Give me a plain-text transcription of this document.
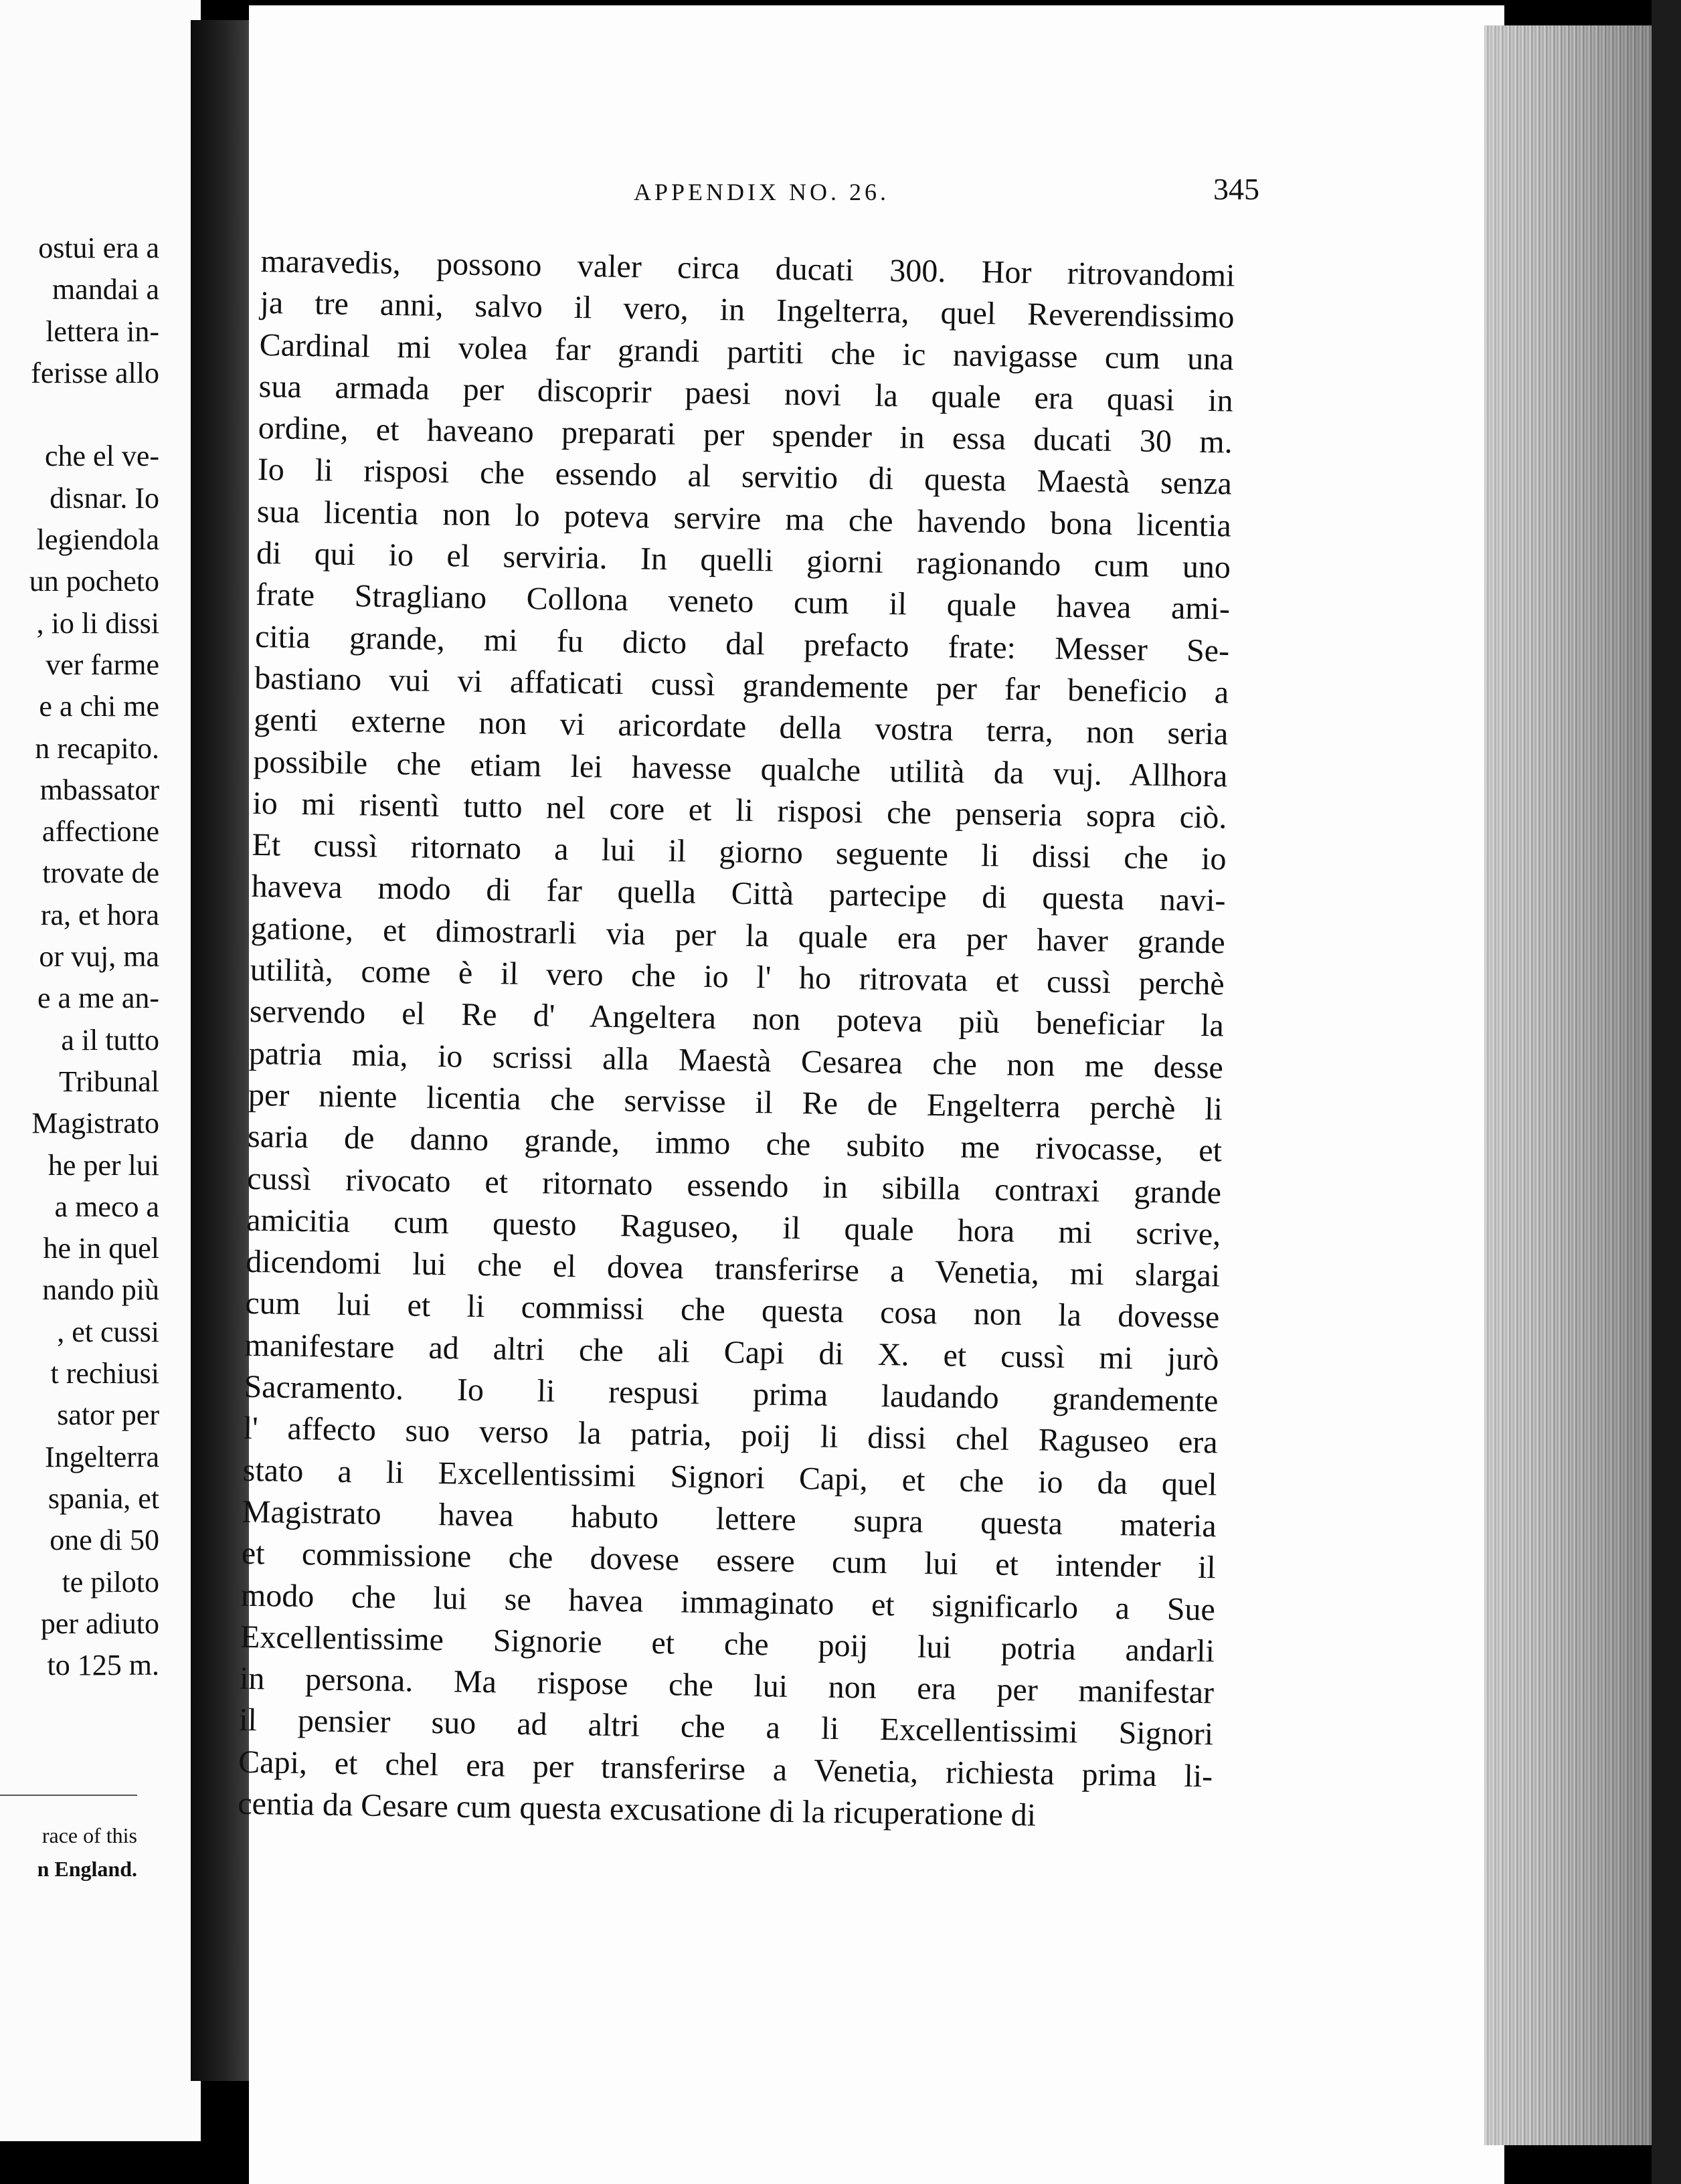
ostui era a
mandai a
lettera in-
ferisse allo
che el ve-
disnar. Io
legiendola
un pocheto
, io li dissi
ver farme
e a chi me
n recapito.
mbassator
affectione
trovate de
ra, et hora
or vuj, ma
e a me an-
a il tutto
Tribunal
Magistrato
he per lui
a meco a
he in quel
nando più
, et cussi
t rechiusi
sator per
Ingelterra
spania, et
one di 50
te piloto
per adiuto
to 125 m.
race of this
n England.
APPENDIX NO. 26.	345
maravedis, possono valer circa ducati 300. Hor ritrovandomi
ja tre anni, salvo il vero, in Ingelterra, quel Reverendissimo
Cardinal mi volea far grandi partiti che ic navigasse cum una
sua armada per discoprir paesi novi la quale era quasi in
ordine, et haveano preparati per spender in essa ducati 30 m.
Io li risposi che essendo al servitio di questa Maestà senza
sua licentia non lo poteva servire ma che havendo bona licentia
di qui io el serviria. In quelli giorni ragionando cum uno
frate Stragliano Collona veneto cum il quale havea ami-
citia grande, mi fu dicto dal prefacto frate: Messer Se-
bastiano vui vi affaticati cussì grandemente per far beneficio a
genti externe non vi aricordate della vostra terra, non seria
possibile che etiam lei havesse qualche utilità da vuj. Allhora
io mi risentì tutto nel core et li risposi che penseria sopra ciò.
Et cussì ritornato a lui il giorno seguente li dissi che io
haveva modo di far quella Città partecipe di questa navi-
gatione, et dimostrarli via per la quale era per haver grande
utilità, come è il vero che io l' ho ritrovata et cussì perchè
servendo el Re d' Angeltera non poteva più beneficiar la
patria mia, io scrissi alla Maestà Cesarea che non me desse
per niente licentia che servisse il Re de Engelterra perchè li
saria de danno grande, immo che subito me rivocasse, et
cussì rivocato et ritornato essendo in sibilla contraxi grande
amicitia cum questo Raguseo, il quale hora mi scrive,
dicendomi lui che el dovea transferirse a Venetia, mi slargai
cum lui et li commissi che questa cosa non la dovesse
manifestare ad altri che ali Capi di X. et cussì mi jurò
Sacramento. Io li respusi prima laudando grandemente
l' affecto suo verso la patria, poij li dissi chel Raguseo era
stato a li Excellentissimi Signori Capi, et che io da quel
Magistrato havea habuto lettere supra questa materia
et commissione che dovese essere cum lui et intender il
modo che lui se havea immaginato et significarlo a Sue
Excellentissime Signorie et che poij lui potria andarli
in persona. Ma rispose che lui non era per manifestar
il pensier suo ad altri che a li Excellentissimi Signori
Capi, et chel era per transferirse a Venetia, richiesta prima li-
centia da Cesare cum questa excusatione di la ricuperatione di
